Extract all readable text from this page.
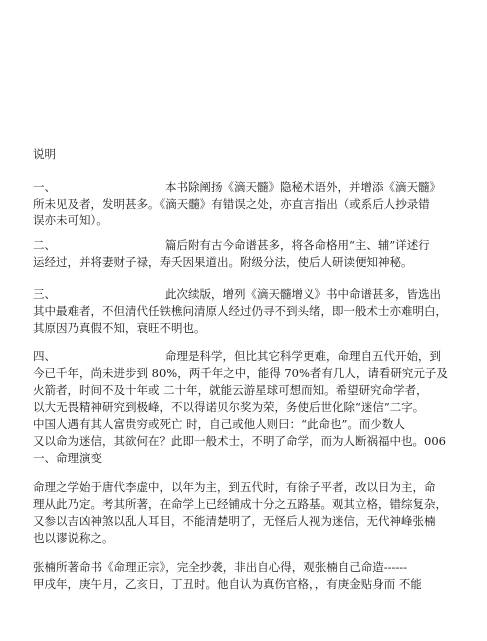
说明
一、	本书除阐扬《滴天髓》隐秘术语外，并增添《滴天髓》
所未见及者，发明甚多。《滴天髓》有错误之处，亦直言指出（或系后人抄录错
误亦未可知）。
二、	篇后附有古今命谱甚多，将各命格用“主、辅”详述行
运经过，并将妻财子禄，寿夭因果道出。附级分法，使后人研读便知神秘。
三、	此次续版，增列《滴天髓增义》书中命谱甚多，皆选出
其中最难者，不但清代任铁樵问清原人经过仍寻不到头绪，即一般术士亦难明白，
其原因乃真假不知，衰旺不明也。
四、	命理是科学，但比其它科学更难，命理自五代开始，到
今已千年，尚未进步到 80%，两千年之中，能得 70%者有几人，请看研究元子及
火箭者，时间不及十年或 二十年，就能云游星球可想而知。希望研究命学者，
以大无畏精神研究到极峰，不以得诺贝尔奖为荣，务使后世化除“迷信”二字。
中国人遇有其人富贵穷或死亡 时，自己或他人则曰：“此命也”。而少数人
又以命为迷信，其欲何在？此即一般术士，不明了命学，而为人断祸福中也。006
一、命理演变
命理之学始于唐代李虚中，以年为主，到五代时，有徐子平者，改以日为主，命
理从此乃定。考其所著，在命学上已经铺成十分之五路基。观其立格，错综复杂，
又参以吉凶神煞以乱人耳目，不能清楚明了，无怪后人视为迷信，无代神峰张楠
也以谬说称之。
张楠所著命书《命理正宗》，完全抄袭，非出自心得，观张楠自己命造------
甲戌年，庚午月，乙亥日，丁丑时。他自认为真伤官格，，有庚金贴身而 不能
